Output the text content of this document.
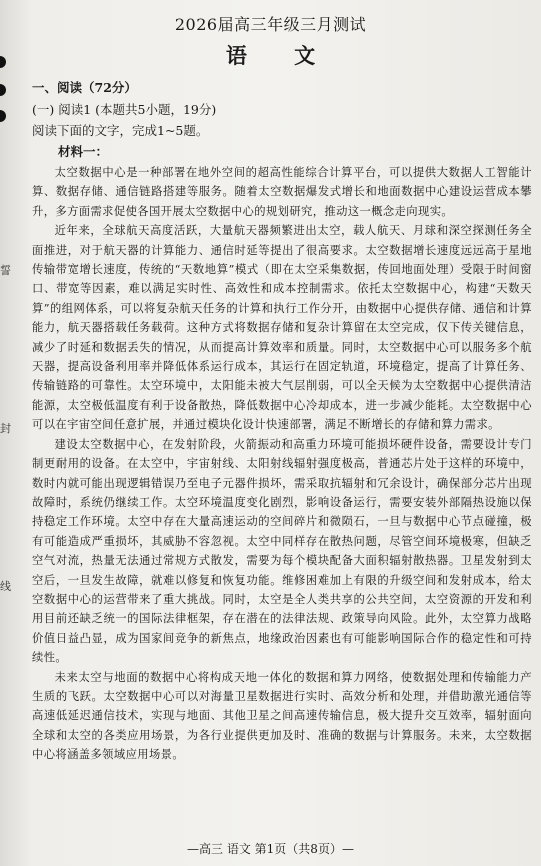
誓
封
线
2026届高三年级三月测试
语 文
一、阅读（72分）
(一) 阅读1 (本题共5小题，19分)
阅读下面的文字，完成1~5题。
材料一：

太空数据中心是一种部署在地外空间的超高性能综合计算平台，可以提供大数据人工智能计算、数据存储、通信链路搭建等服务。随着太空数据爆发式增长和地面数据中心建设运营成本攀升，多方面需求促使各国开展太空数据中心的规划研究，推动这一概念走向现实。

近年来，全球航天高度活跃，大量航天器频繁进出太空，载人航天、月球和深空探测任务全面推进，对于航天器的计算能力、通信时延等提出了很高要求。太空数据增长速度远远高于星地传输带宽增长速度，传统的“天数地算”模式（即在太空采集数据，传回地面处理）受限于时间窗口、带宽等因素，难以满足实时性、高效性和成本控制需求。依托太空数据中心，构建“天数天算”的组网体系，可以将复杂航天任务的计算和执行工作分开，由数据中心提供存储、通信和计算能力，航天器搭载任务载荷。这种方式将数据存储和复杂计算留在太空完成，仅下传关键信息，减少了时延和数据丢失的情况，从而提高计算效率和质量。同时，太空数据中心可以服务多个航天器，提高设备利用率并降低体系运行成本，其运行在固定轨道，环境稳定，提高了计算任务、传输链路的可靠性。太空环境中，太阳能未被大气层削弱，可以全天候为太空数据中心提供清洁能源，太空极低温度有利于设备散热，降低数据中心冷却成本，进一步减少能耗。太空数据中心可以在宇宙空间任意扩展，并通过模块化设计快速部署，满足不断增长的存储和算力需求。

建设太空数据中心，在发射阶段，火箭振动和高重力环境可能损坏硬件设备，需要设计专门制更耐用的设备。在太空中，宇宙射线、太阳射线辐射强度极高，普通芯片处于这样的环境中，数时内就可能出现逻辑错误乃至电子元器件损坏，需采取抗辐射和冗余设计，确保部分芯片出现故障时，系统仍继续工作。太空环境温度变化剧烈，影响设备运行，需要安装外部隔热设施以保持稳定工作环境。太空中存在大量高速运动的空间碎片和微陨石，一旦与数据中心节点碰撞，极有可能造成严重损坏，其威胁不容忽视。太空中同样存在散热问题，尽管空间环境极寒，但缺乏空气对流，热量无法通过常规方式散发，需要为每个模块配备大面积辐射散热器。卫星发射到太空后，一旦发生故障，就难以修复和恢复功能。维修困难加上有限的升级空间和发射成本，给太空数据中心的运营带来了重大挑战。同时，太空是全人类共享的公共空间，太空资源的开发和利用目前还缺乏统一的国际法律框架，存在潜在的法律法规、政策导向风险。此外，太空算力战略价值日益凸显，成为国家间竞争的新焦点，地缘政治因素也有可能影响国际合作的稳定性和可持续性。

未来太空与地面的数据中心将构成天地一体化的数据和算力网络，使数据处理和传输能力产生质的飞跃。太空数据中心可以对海量卫星数据进行实时、高效分析和处理，并借助激光通信等高速低延迟通信技术，实现与地面、其他卫星之间高速传输信息，极大提升交互效率，辐射面向全球和太空的各类应用场景，为各行业提供更加及时、准确的数据与计算服务。未来，太空数据中心将涵盖多领域应用场景。

—高三 语文 第1页（共8页）—
